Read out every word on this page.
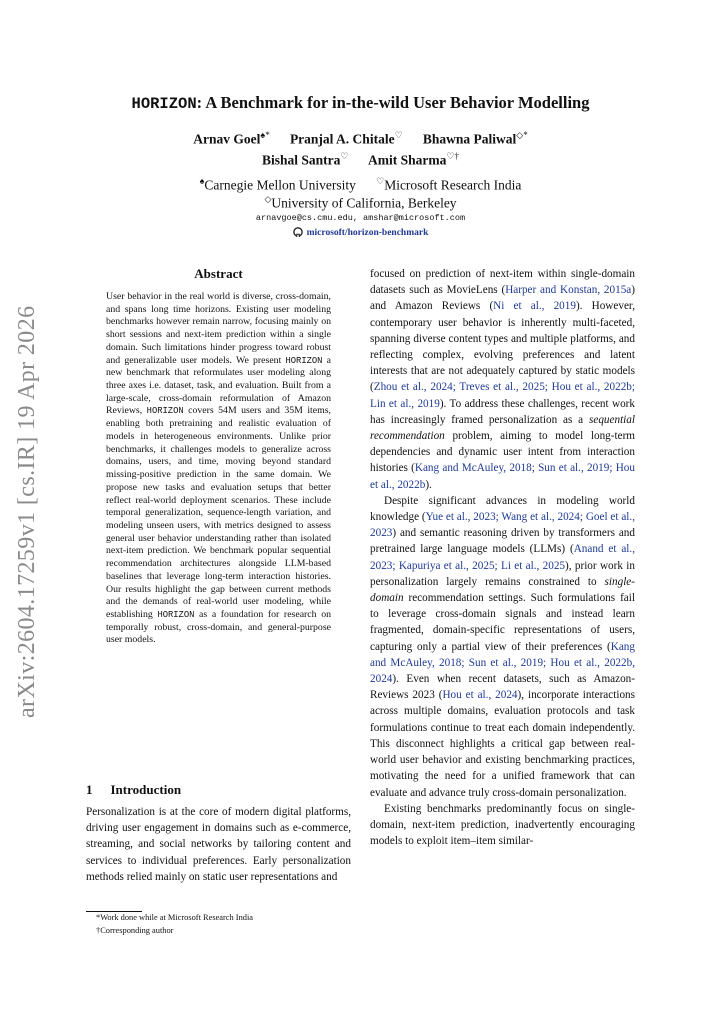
arXiv:2604.17259v1 [cs.IR] 19 Apr 2026
HORIZON: A Benchmark for in-the-wild User Behavior Modelling
Arnav Goel♠* Pranjal A. Chitale♡ Bhawna Paliwal◇*
Bishal Santra♡ Amit Sharma♡†
♠Carnegie Mellon University ♡Microsoft Research India
◇University of California, Berkeley
arnavgoe@cs.cmu.edu, amshar@microsoft.com
microsoft/horizon-benchmark
Abstract
User behavior in the real world is diverse, cross-domain, and spans long time horizons. Existing user modeling benchmarks however remain narrow, focusing mainly on short sessions and next-item prediction within a single domain. Such limitations hinder progress toward robust and generalizable user models. We present HORIZON a new benchmark that reformulates user modeling along three axes i.e. dataset, task, and evaluation. Built from a large-scale, cross-domain reformulation of Amazon Reviews, HORIZON covers 54M users and 35M items, enabling both pretraining and realistic evaluation of models in heterogeneous environments. Unlike prior benchmarks, it challenges models to generalize across domains, users, and time, moving beyond standard missing-positive prediction in the same domain. We propose new tasks and evaluation setups that better reflect real-world deployment scenarios. These include temporal generalization, sequence-length variation, and modeling unseen users, with metrics designed to assess general user behavior understanding rather than isolated next-item prediction. We benchmark popular sequential recommendation architectures alongside LLM-based baselines that leverage long-term interaction histories. Our results highlight the gap between current methods and the demands of real-world user modeling, while establishing HORIZON as a foundation for research on temporally robust, cross-domain, and general-purpose user models.
1 Introduction
Personalization is at the core of modern digital platforms, driving user engagement in domains such as e-commerce, streaming, and social networks by tailoring content and services to individual preferences. Early personalization methods relied mainly on static user representations and
*Work done while at Microsoft Research India
†Corresponding author

focused on prediction of next-item within single-domain datasets such as MovieLens (Harper and Konstan, 2015a) and Amazon Reviews (Ni et al., 2019). However, contemporary user behavior is inherently multi-faceted, spanning diverse content types and multiple platforms, and reflecting complex, evolving preferences and latent interests that are not adequately captured by static models (Zhou et al., 2024; Treves et al., 2025; Hou et al., 2022b; Lin et al., 2019). To address these challenges, recent work has increasingly framed personalization as a sequential recommendation problem, aiming to model long-term dependencies and dynamic user intent from interaction histories (Kang and McAuley, 2018; Sun et al., 2019; Hou et al., 2022b).

Despite significant advances in modeling world knowledge (Yue et al., 2023; Wang et al., 2024; Goel et al., 2023) and semantic reasoning driven by transformers and pretrained large language models (LLMs) (Anand et al., 2023; Kapuriya et al., 2025; Li et al., 2025), prior work in personalization largely remains constrained to single-domain recommendation settings. Such formulations fail to leverage cross-domain signals and instead learn fragmented, domain-specific representations of users, capturing only a partial view of their preferences (Kang and McAuley, 2018; Sun et al., 2019; Hou et al., 2022b, 2024). Even when recent datasets, such as Amazon-Reviews 2023 (Hou et al., 2024), incorporate interactions across multiple domains, evaluation protocols and task formulations continue to treat each domain independently. This disconnect highlights a critical gap between real-world user behavior and existing benchmarking practices, motivating the need for a unified framework that can evaluate and advance truly cross-domain personalization.

Existing benchmarks predominantly focus on single-domain, next-item prediction, inadvertently encouraging models to exploit item–item similar-
